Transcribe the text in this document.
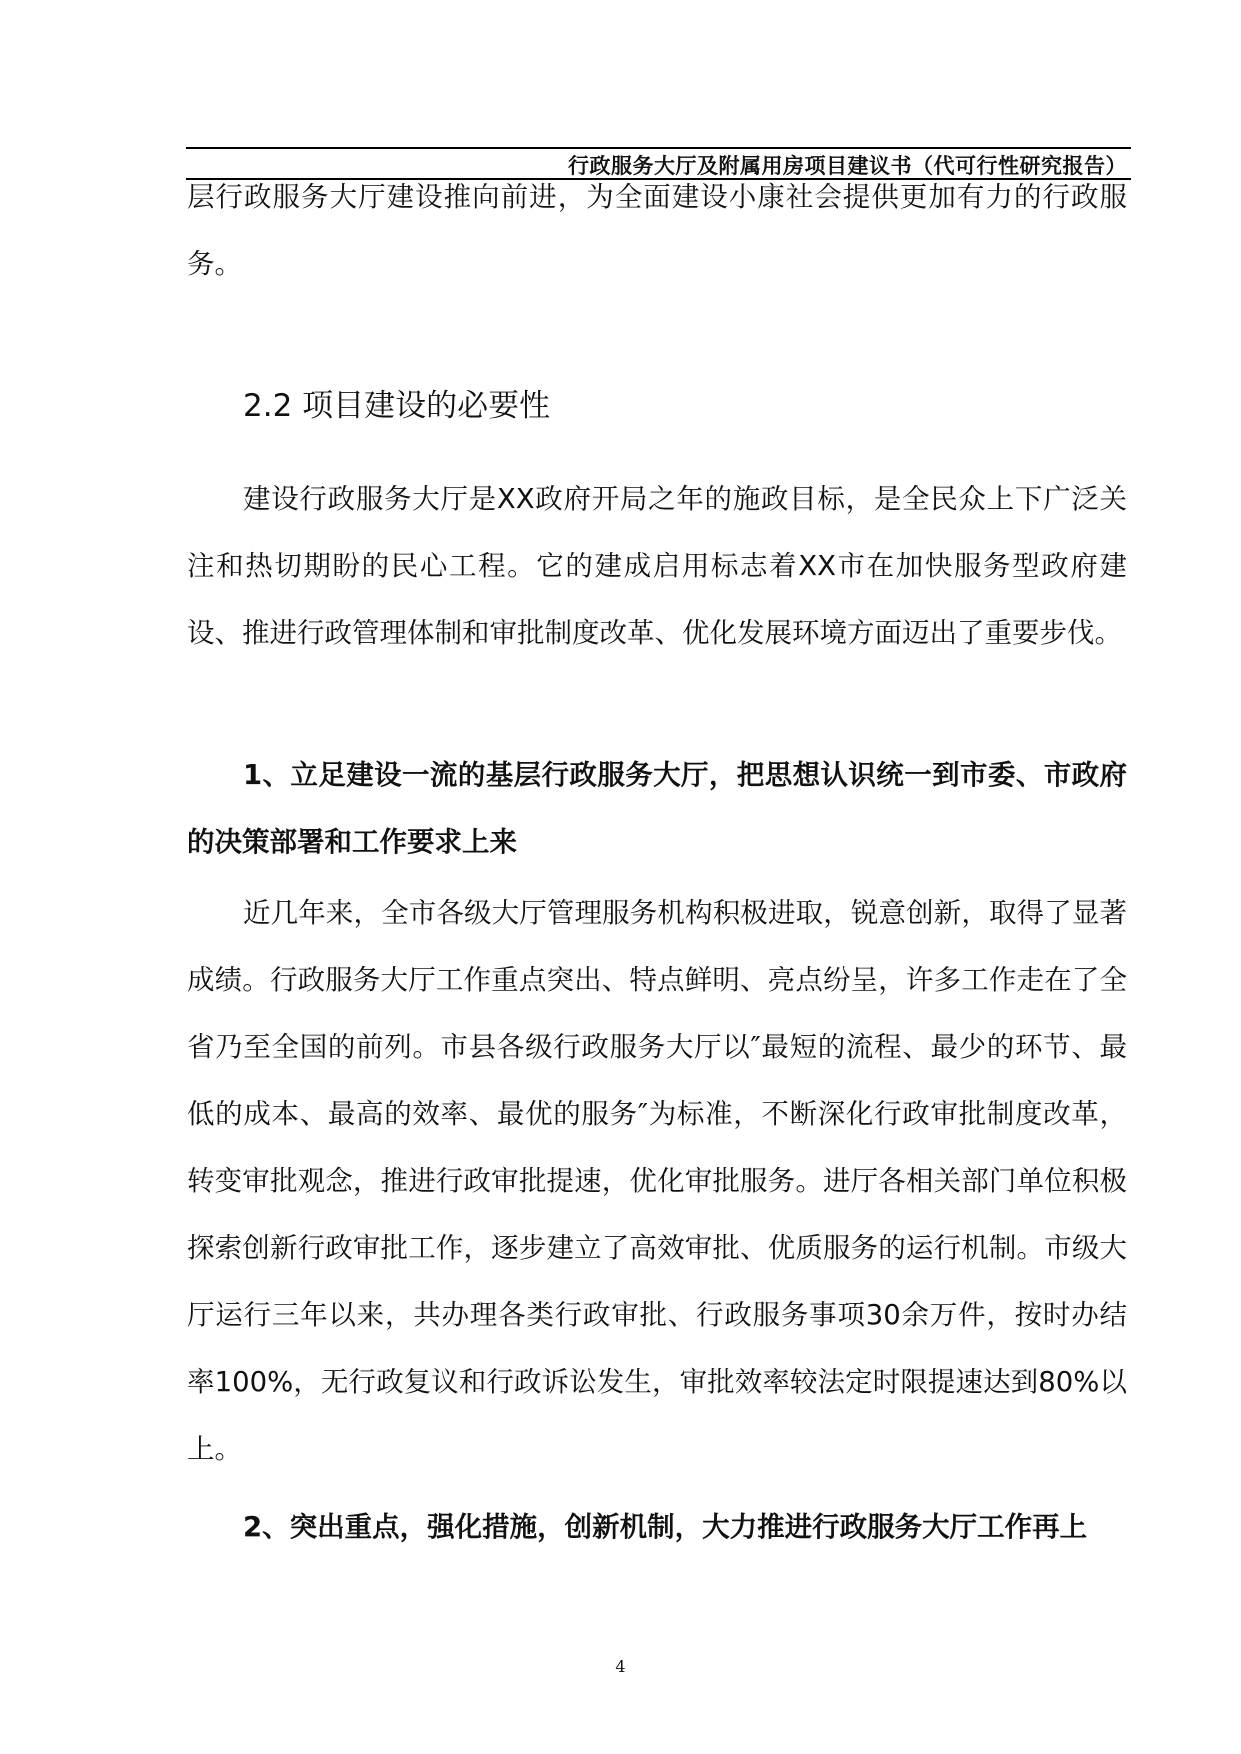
行政服务大厅及附属用房项目建议书（代可行性研究报告）

层行政服务大厅建设推向前进，为全面建设小康社会提供更加有力的行政服务。

2.2 项目建设的必要性

建设行政服务大厅是XX政府开局之年的施政目标，是全民众上下广泛关注和热切期盼的民心工程。它的建成启用标志着XX市在加快服务型政府建设、推进行政管理体制和审批制度改革、优化发展环境方面迈出了重要步伐。

1、立足建设一流的基层行政服务大厅，把思想认识统一到市委、市政府的决策部署和工作要求上来

近几年来，全市各级大厅管理服务机构积极进取，锐意创新，取得了显著成绩。行政服务大厅工作重点突出、特点鲜明、亮点纷呈，许多工作走在了全省乃至全国的前列。市县各级行政服务大厅以″最短的流程、最少的环节、最低的成本、最高的效率、最优的服务″为标准，不断深化行政审批制度改革，转变审批观念，推进行政审批提速，优化审批服务。进厅各相关部门单位积极探索创新行政审批工作，逐步建立了高效审批、优质服务的运行机制。市级大厅运行三年以来，共办理各类行政审批、行政服务事项30余万件，按时办结率100%，无行政复议和行政诉讼发生，审批效率较法定时限提速达到80%以上。

2、突出重点，强化措施，创新机制，大力推进行政服务大厅工作再上

4
